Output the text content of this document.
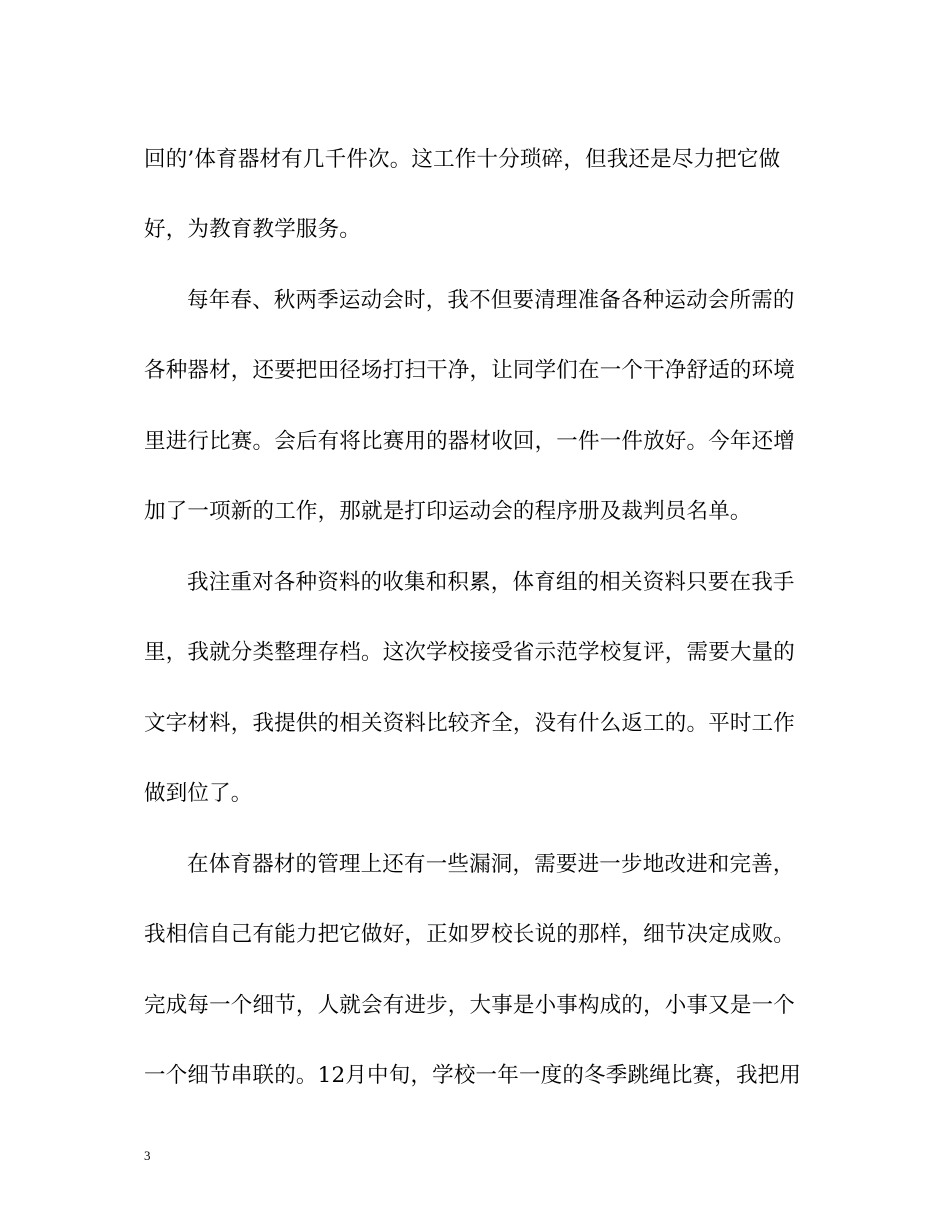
回的’体育器材有几千件次。这工作十分琐碎，但我还是尽力把它做
好，为教育教学服务。
每年春、秋两季运动会时，我不但要清理准备各种运动会所需的
各种器材，还要把田径场打扫干净，让同学们在一个干净舒适的环境
里进行比赛。会后有将比赛用的器材收回，一件一件放好。今年还增
加了一项新的工作，那就是打印运动会的程序册及裁判员名单。
我注重对各种资料的收集和积累，体育组的相关资料只要在我手
里，我就分类整理存档。这次学校接受省示范学校复评，需要大量的
文字材料，我提供的相关资料比较齐全，没有什么返工的。平时工作
做到位了。
在体育器材的管理上还有一些漏洞，需要进一步地改进和完善，
我相信自己有能力把它做好，正如罗校长说的那样，细节决定成败。
完成每一个细节，人就会有进步，大事是小事构成的，小事又是一个
一个细节串联的。12月中旬，学校一年一度的冬季跳绳比赛，我把用
3
